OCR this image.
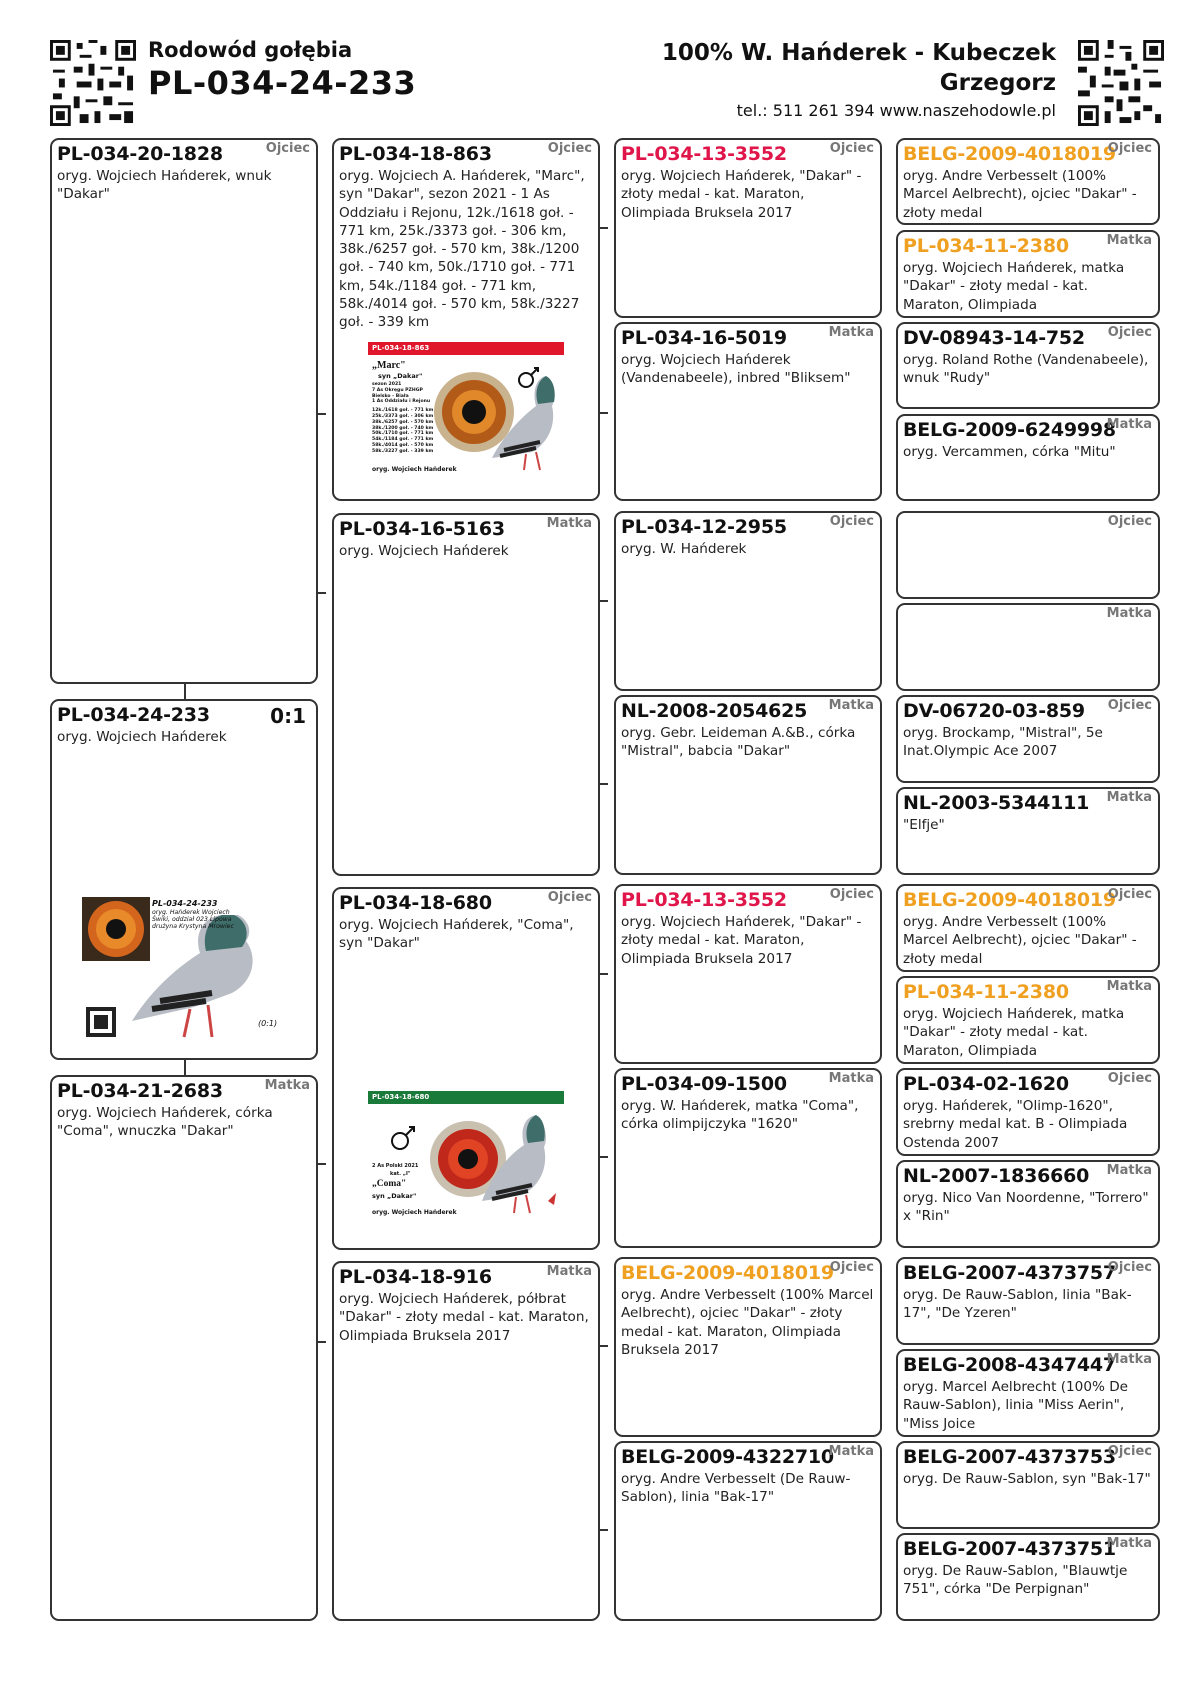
Rodowód gołębia
PL-034-24-233
100% W. Hańderek - Kubeczek
Grzegorz
tel.: 511 261 394 www.naszehodowle.pl
PL-034-20-1828	Ojciec
oryg. Wojciech Hańderek, wnuk "Dakar"
PL-034-24-233	0:1
oryg. Wojciech Hańderek
PL-034-24-233
oryg. Hańderek Wojciech
Świki, oddział 023 Lipowa
drużyna Krystyna Mrowiec
(0:1)
PL-034-21-2683	Matka
oryg. Wojciech Hańderek, córka "Coma", wnuczka "Dakar"
PL-034-18-863	Ojciec
oryg. Wojciech A. Hańderek, "Marc", syn "Dakar", sezon 2021 - 1 As Oddziału i Rejonu, 12k./1618 goł. - 771 km, 25k./3373 goł. - 306 km, 38k./6257 goł. - 570 km, 38k./1200 goł. - 740 km, 50k./1710 goł. - 771 km, 54k./1184 goł. - 771 km, 58k./4014 goł. - 570 km, 58k./3227 goł. - 339 km
PL-034-18-863
„Marc"
syn „Dakar"
sezon 2021
7 As Okręgu PZHGP
Bielsko - Biała
1 As Oddziału i Rejonu
12k./1618 goł. - 771 km
25k./3373 goł. - 306 km
38k./6257 goł. - 570 km
38k./1200 goł. - 740 km
50k./1710 goł. - 771 km
54k./1184 goł. - 771 km
58k./4014 goł. - 570 km
58k./3227 goł. - 339 km
oryg. Wojciech Hańderek
PL-034-16-5163	Matka
oryg. Wojciech Hańderek
PL-034-18-680	Ojciec
oryg. Wojciech Hańderek, "Coma", syn "Dakar"
PL-034-18-680
2 As Polski 2021
kat. „I"
„Coma"
syn „Dakar"
oryg. Wojciech Hańderek
PL-034-18-916	Matka
oryg. Wojciech Hańderek, półbrat "Dakar" - złoty medal - kat. Maraton, Olimpiada Bruksela 2017
PL-034-13-3552	Ojciec
oryg. Wojciech Hańderek, "Dakar" - złoty medal - kat. Maraton, Olimpiada Bruksela 2017
PL-034-16-5019	Matka
oryg. Wojciech Hańderek (Vandenabeele), inbred "Bliksem"
PL-034-12-2955	Ojciec
oryg. W. Hańderek
NL-2008-2054625	Matka
oryg. Gebr. Leideman A.&B., córka "Mistral", babcia "Dakar"
PL-034-13-3552	Ojciec
oryg. Wojciech Hańderek, "Dakar" - złoty medal - kat. Maraton, Olimpiada Bruksela 2017
PL-034-09-1500	Matka
oryg. W. Hańderek, matka "Coma", córka olimpijczyka "1620"
BELG-2009-4018019
Ojciec
oryg. Andre Verbesselt (100% Marcel Aelbrecht), ojciec "Dakar" - złoty medal - kat. Maraton, Olimpiada Bruksela 2017
BELG-2009-4322710
Matka
oryg. Andre Verbesselt (De Rauw-Sablon), linia "Bak-17"
BELG-2009-4018019
Ojciec
oryg. Andre Verbesselt (100% Marcel Aelbrecht), ojciec "Dakar" - złoty medal
PL-034-11-2380	Matka
oryg. Wojciech Hańderek, matka "Dakar" - złoty medal - kat. Maraton, Olimpiada
DV-08943-14-752	Ojciec
oryg. Roland Rothe (Vandenabeele), wnuk "Rudy"
BELG-2009-6249998
Matka
oryg. Vercammen, córka "Mitu"
Ojciec
Matka
DV-06720-03-859	Ojciec
oryg. Brockamp, "Mistral", 5e Inat.Olympic Ace 2007
NL-2003-5344111	Matka
"Elfje"
BELG-2009-4018019
Ojciec
oryg. Andre Verbesselt (100% Marcel Aelbrecht), ojciec "Dakar" - złoty medal
PL-034-11-2380	Matka
oryg. Wojciech Hańderek, matka "Dakar" - złoty medal - kat. Maraton, Olimpiada
PL-034-02-1620	Ojciec
oryg. Hańderek, "Olimp-1620", srebrny medal kat. B - Olimpiada Ostenda 2007
NL-2007-1836660	Matka
oryg. Nico Van Noordenne, "Torrero" x "Rin"
BELG-2007-4373757
Ojciec
oryg. De Rauw-Sablon, linia "Bak-17", "De Yzeren"
BELG-2008-4347447
Matka
oryg. Marcel Aelbrecht (100% De Rauw-Sablon), linia "Miss Aerin", "Miss Joice
BELG-2007-4373753
Ojciec
oryg. De Rauw-Sablon, syn "Bak-17"
BELG-2007-4373751
Matka
oryg. De Rauw-Sablon, "Blauwtje 751", córka "De Perpignan"
